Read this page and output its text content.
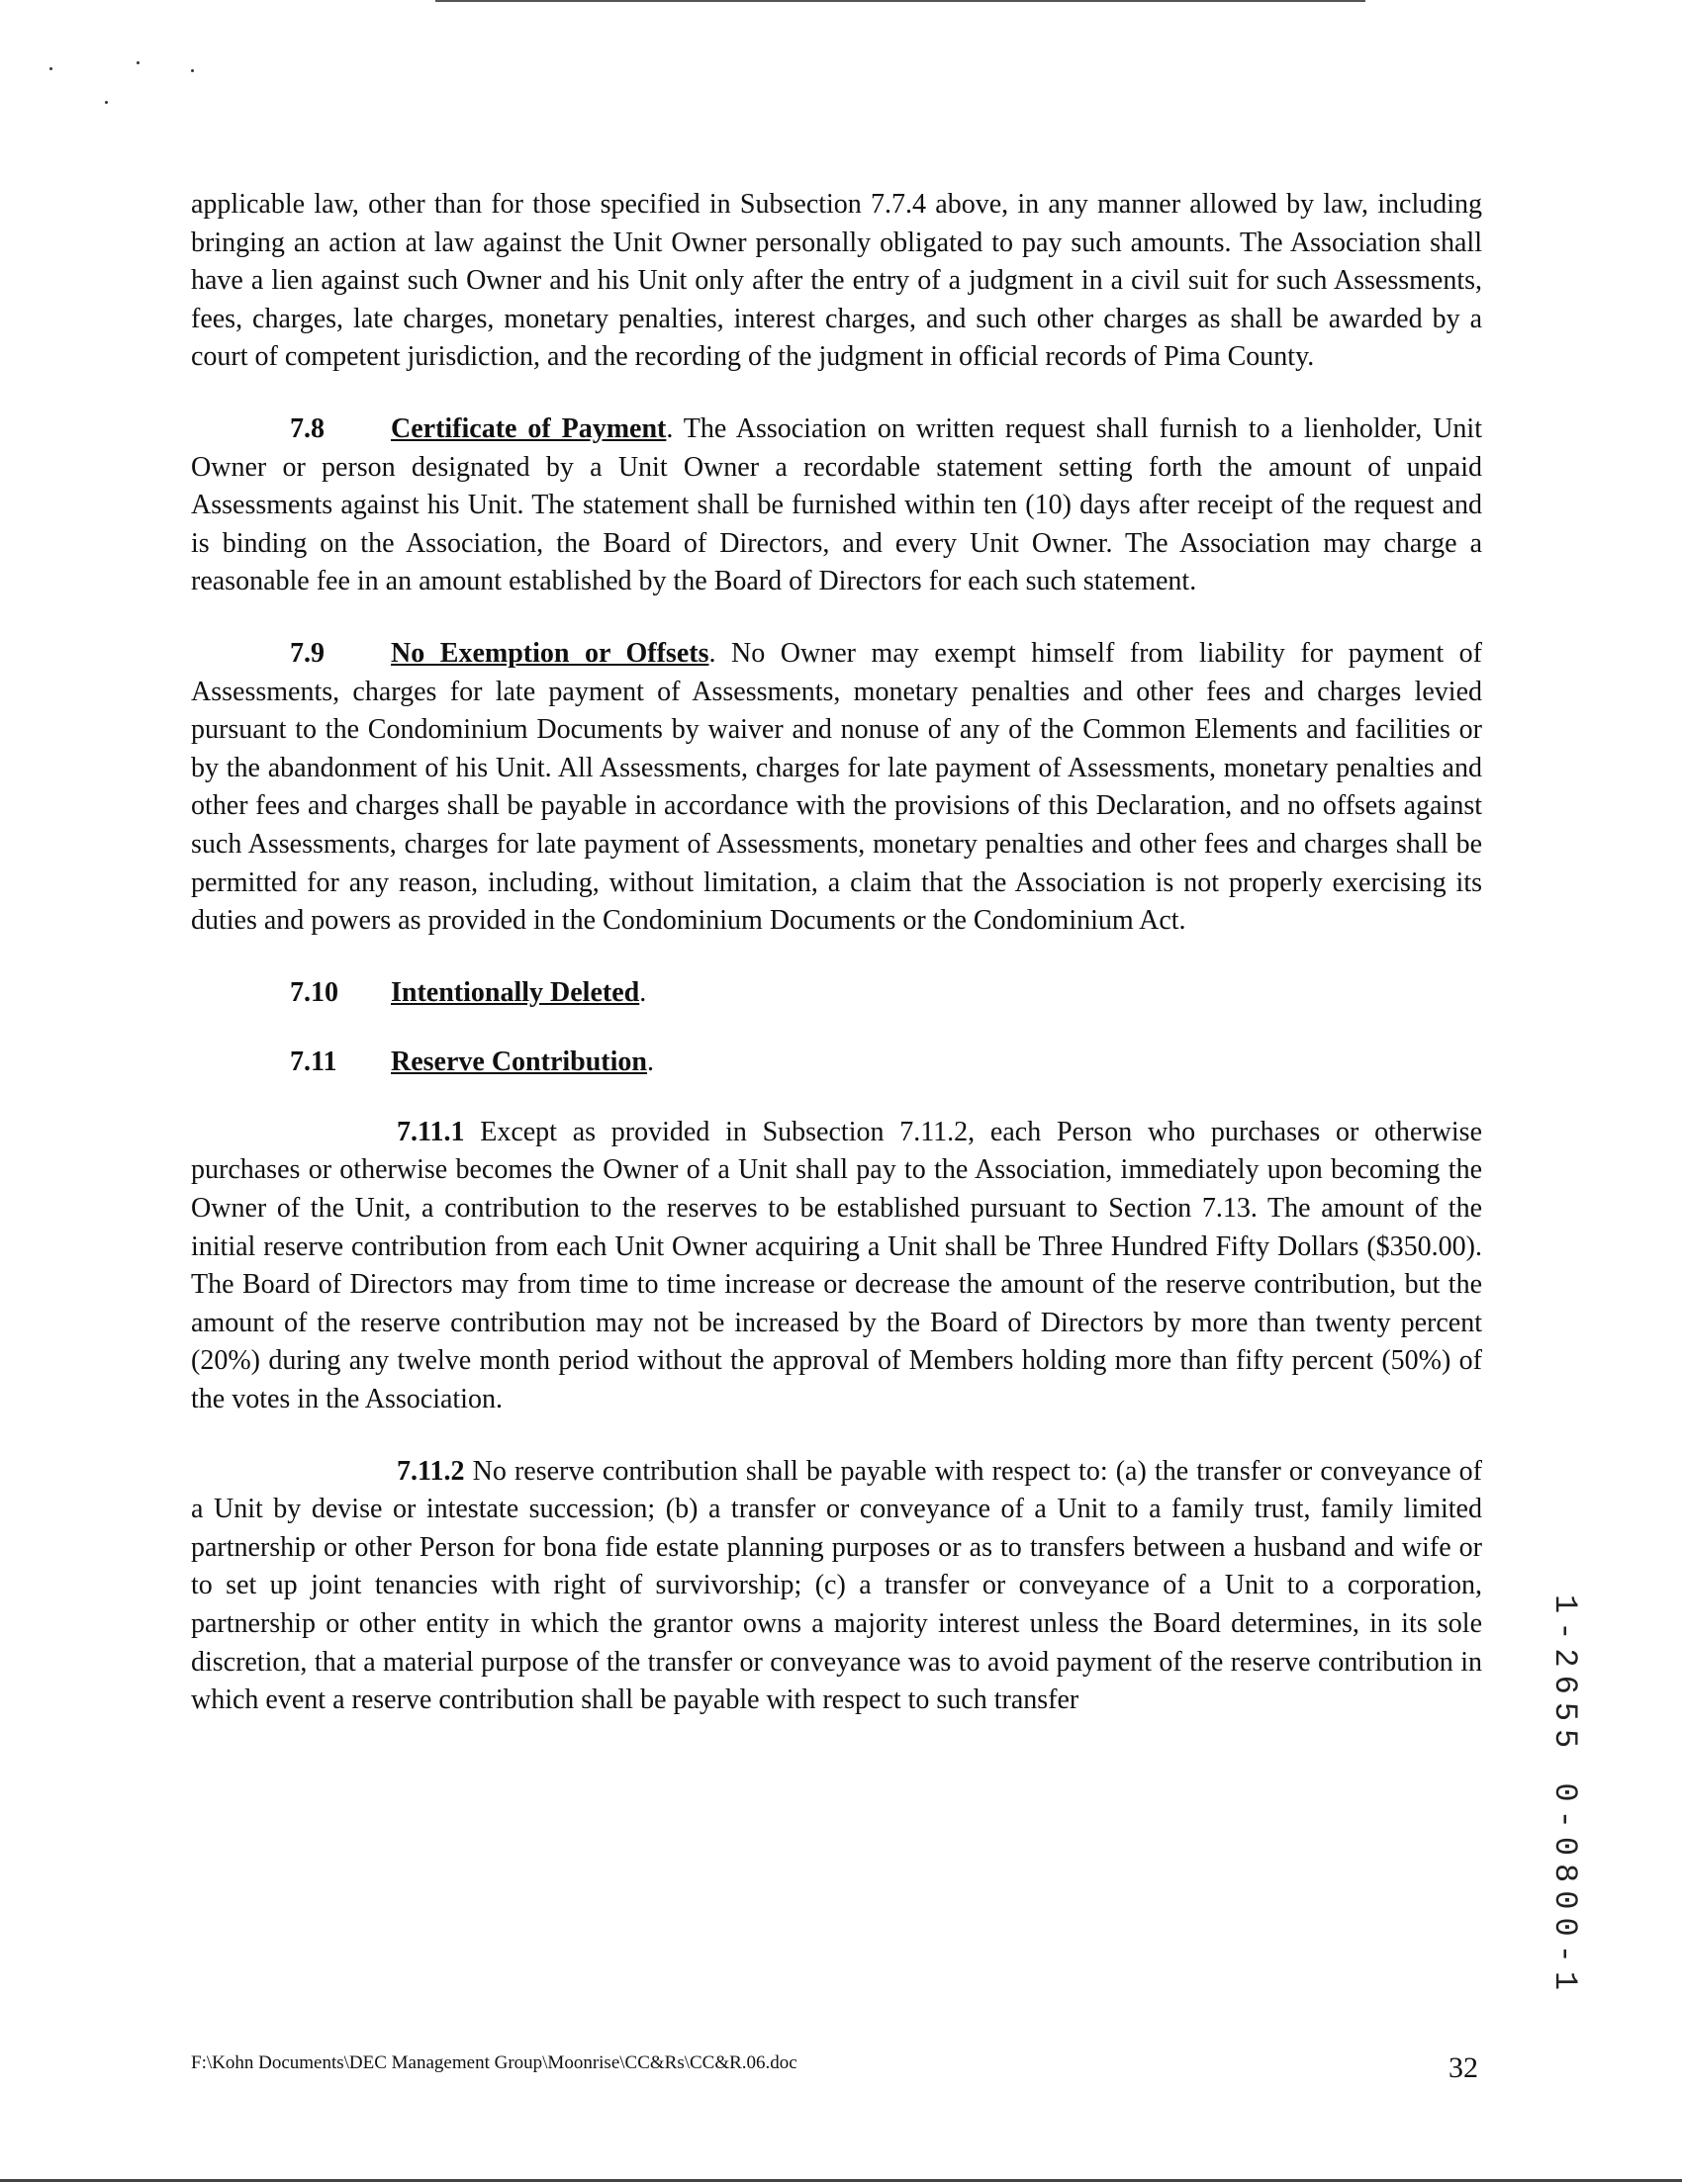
applicable law, other than for those specified in Subsection 7.7.4 above, in any manner allowed by law, including bringing an action at law against the Unit Owner personally obligated to pay such amounts. The Association shall have a lien against such Owner and his Unit only after the entry of a judgment in a civil suit for such Assessments, fees, charges, late charges, monetary penalties, interest charges, and such other charges as shall be awarded by a court of competent jurisdiction, and the recording of the judgment in official records of Pima County.

7.8 Certificate of Payment. The Association on written request shall furnish to a lienholder, Unit Owner or person designated by a Unit Owner a recordable statement setting forth the amount of unpaid Assessments against his Unit. The statement shall be furnished within ten (10) days after receipt of the request and is binding on the Association, the Board of Directors, and every Unit Owner. The Association may charge a reasonable fee in an amount established by the Board of Directors for each such statement.

7.9 No Exemption or Offsets. No Owner may exempt himself from liability for payment of Assessments, charges for late payment of Assessments, monetary penalties and other fees and charges levied pursuant to the Condominium Documents by waiver and nonuse of any of the Common Elements and facilities or by the abandonment of his Unit. All Assessments, charges for late payment of Assessments, monetary penalties and other fees and charges shall be payable in accordance with the provisions of this Declaration, and no offsets against such Assessments, charges for late payment of Assessments, monetary penalties and other fees and charges shall be permitted for any reason, including, without limitation, a claim that the Association is not properly exercising its duties and powers as provided in the Condominium Documents or the Condominium Act.

7.10 Intentionally Deleted.

7.11 Reserve Contribution.

7.11.1 Except as provided in Subsection 7.11.2, each Person who purchases or otherwise purchases or otherwise becomes the Owner of a Unit shall pay to the Association, immediately upon becoming the Owner of the Unit, a contribution to the reserves to be established pursuant to Section 7.13. The amount of the initial reserve contribution from each Unit Owner acquiring a Unit shall be Three Hundred Fifty Dollars ($350.00). The Board of Directors may from time to time increase or decrease the amount of the reserve contribution, but the amount of the reserve contribution may not be increased by the Board of Directors by more than twenty percent (20%) during any twelve month period without the approval of Members holding more than fifty percent (50%) of the votes in the Association.

7.11.2 No reserve contribution shall be payable with respect to: (a) the transfer or conveyance of a Unit by devise or intestate succession; (b) a transfer or conveyance of a Unit to a family trust, family limited partnership or other Person for bona fide estate planning purposes or as to transfers between a husband and wife or to set up joint tenancies with right of survivorship; (c) a transfer or conveyance of a Unit to a corporation, partnership or other entity in which the grantor owns a majority interest unless the Board determines, in its sole discretion, that a material purpose of the transfer or conveyance was to avoid payment of the reserve contribution in which event a reserve contribution shall be payable with respect to such transfer	1-2655 0-0800-1
F:\Kohn Documents\DEC Management Group\Moonrise\CC&Rs\CC&R.06.doc	32
